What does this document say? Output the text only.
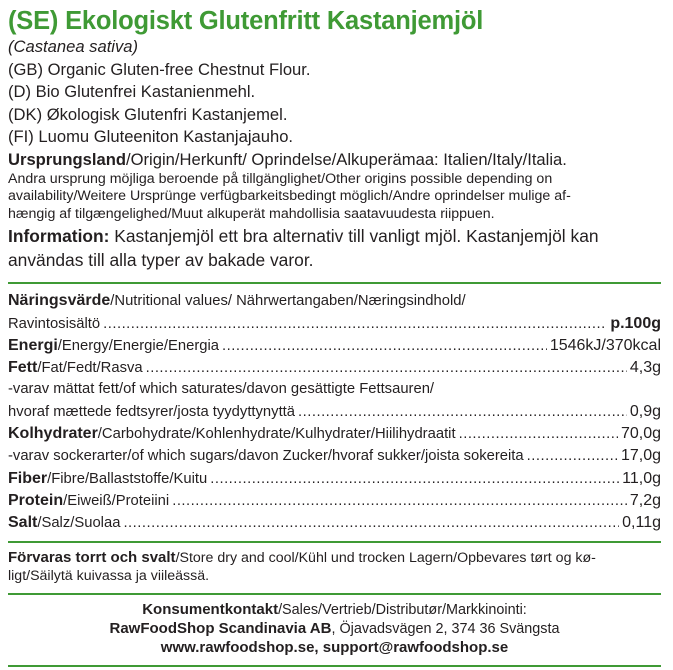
(SE) Ekologiskt Glutenfritt Kastanjemjöl
(Castanea sativa)
(GB) Organic Gluten-free Chestnut Flour.
(D) Bio Glutenfrei Kastanienmehl.
(DK) Økologisk Glutenfri Kastanjemel.
(FI) Luomu Gluteeniton Kastanjajauho.
Ursprungsland/Origin/Herkunft/ Oprindelse/Alkuperämaa: Italien/Italy/Italia.
Andra ursprung möjliga beroende på tillgänglighet/Other origins possible depending on
availability/Weitere Ursprünge verfügbarkeitsbedingt möglich/Andre oprindelser mulige af-
hængig af tilgængelighed/Muut alkuperät mahdollisia saatavuudesta riippuen.
Information: Kastanjemjöl ett bra alternativ till vanligt mjöl. Kastanjemjöl kan
användas till alla typer av bakade varor.
Näringsvärde/Nutritional values/ Nährwertangaben/Næringsindhold/
Ravintosisältö .....	p.100g
Energi/Energy/Energie/Energia .....	1546kJ/370kcal
Fett/Fat/Fedt/Rasva .....	4,3g
-varav mättat fett/of which saturates/davon gesättigte Fettsauren/
hvoraf mættede fedtsyrer/josta tyydyttynyttä .....	0,9g
Kolhydrater/Carbohydrate/Kohlenhydrate/Kulhydrater/Hiilihydraatit .....	70,0g
-varav sockerarter/of which sugars/davon Zucker/hvoraf sukker/joista sokereita .....	17,0g
Fiber/Fibre/Ballaststoffe/Kuitu .....	11,0g
Protein/Eiweiß/Proteiini .....	7,2g
Salt/Salz/Suolaa .....	0,11g
Förvaras torrt och svalt/Store dry and cool/Kühl und trocken Lagern/Opbevares tørt og kø-
ligt/Säilytä kuivassa ja viileässä.
Konsumentkontakt/Sales/Vertrieb/Distributør/Markkinointi:
RawFoodShop Scandinavia AB, Öjavadsvägen 2, 374 36 Svängsta
www.rawfoodshop.se, support@rawfoodshop.se
